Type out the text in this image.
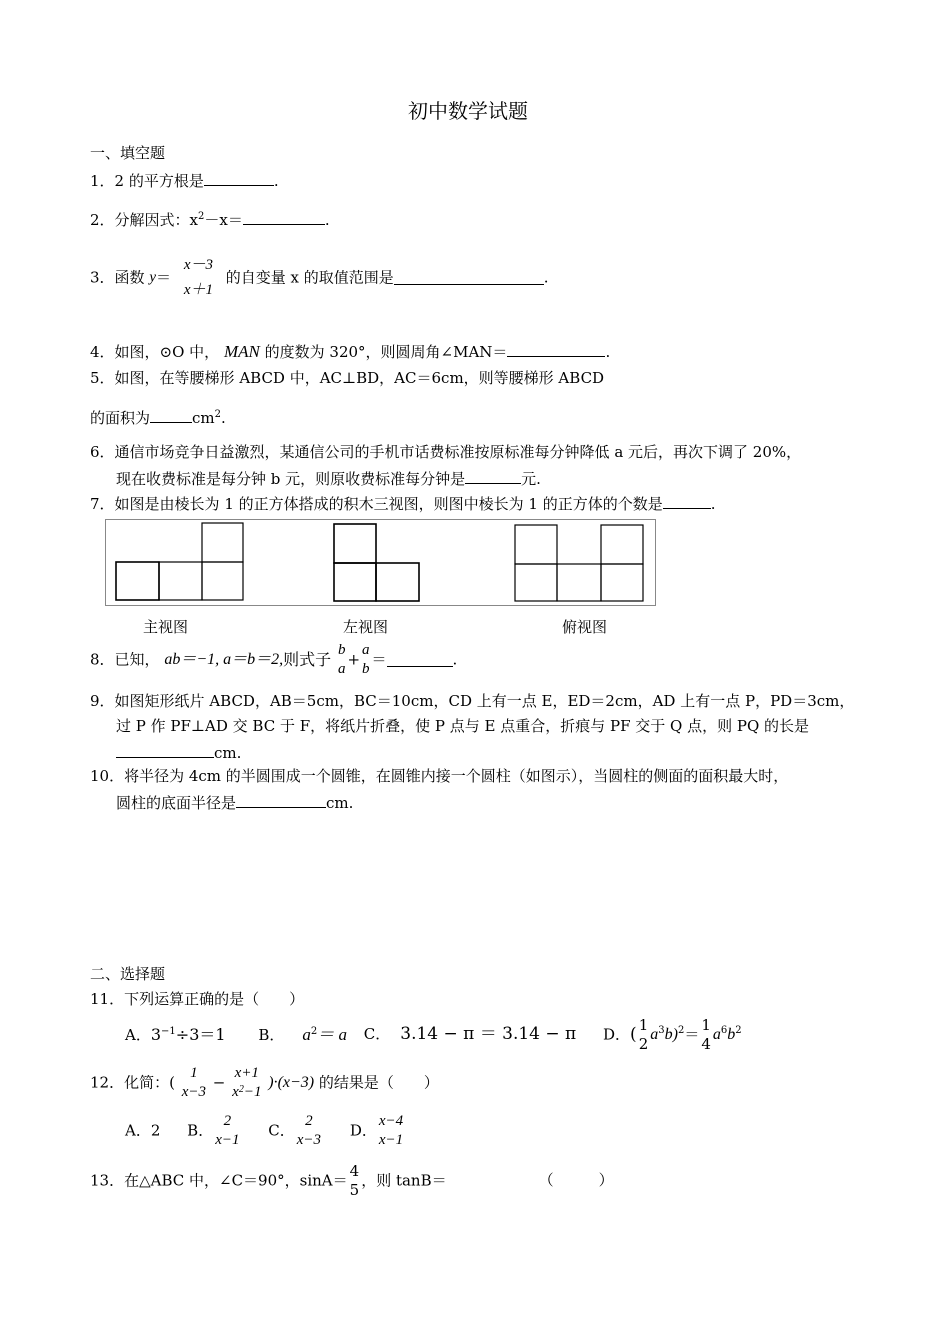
初中数学试题
一、填空题
1．2 的平方根是	.
2．分解因式：$x^2-x=$	.
3．函数 y＝
x－3
x＋1
的自变量 x 的取值范围是	.
4．如图，⊙O 中， MAN 的度数为 320°，则圆周角∠MAN＝	.
5．如图，在等腰梯形 ABCD 中，AC⊥BD，AC＝6cm，则等腰梯形 ABCD
的面积为	$cm^2$.
6．通信市场竞争日益激烈，某通信公司的手机市话费标准按原标准每分钟降低 a 元后，再次下调了 20%，
现在收费标准是每分钟 b 元，则原收费标准每分钟是	元.
7．如图是由棱长为 1 的正方体搭成的积木三视图，则图中棱长为 1 的正方体的个数是	.
主视图	左视图	俯视图
8．已知， ab＝−1, a＝b＝2,则式子 b
a
+
a
b
＝	.
9．如图矩形纸片 ABCD，AB＝5cm，BC＝10cm，CD 上有一点 E，ED＝2cm，AD 上有一点 P，PD＝3cm，
过 P 作 PF⊥AD 交 BC 于 F，将纸片折叠，使 P 点与 E 点重合，折痕与 PF 交于 Q 点，则 PQ 的长是
cm.
10．将半径为 4cm 的半圆围成一个圆锥，在圆锥内接一个圆柱（如图示），当圆柱的侧面的面积最大时，
圆柱的底面半径是	cm.
二、选择题
11．下列运算正确的是（　　）
A．$3^{-1}\div 3=1$ B． $a^2= a$ C． 3.14 − π ＝ 3.14 − π D．( 1
2
$a^3b)^2=$
1
4
$a^6b^2$
12．化简：(
1
x−3
−
x+1
$x^2-1$
)∙(x−3) 的结果是（　　）
A．2 B．
2
x−1
C．
2
x−3
D．
x−4
x−1
13．在△ABC 中，∠C＝90°，sinA＝
4
5
，则 tanB＝	（　　　）
